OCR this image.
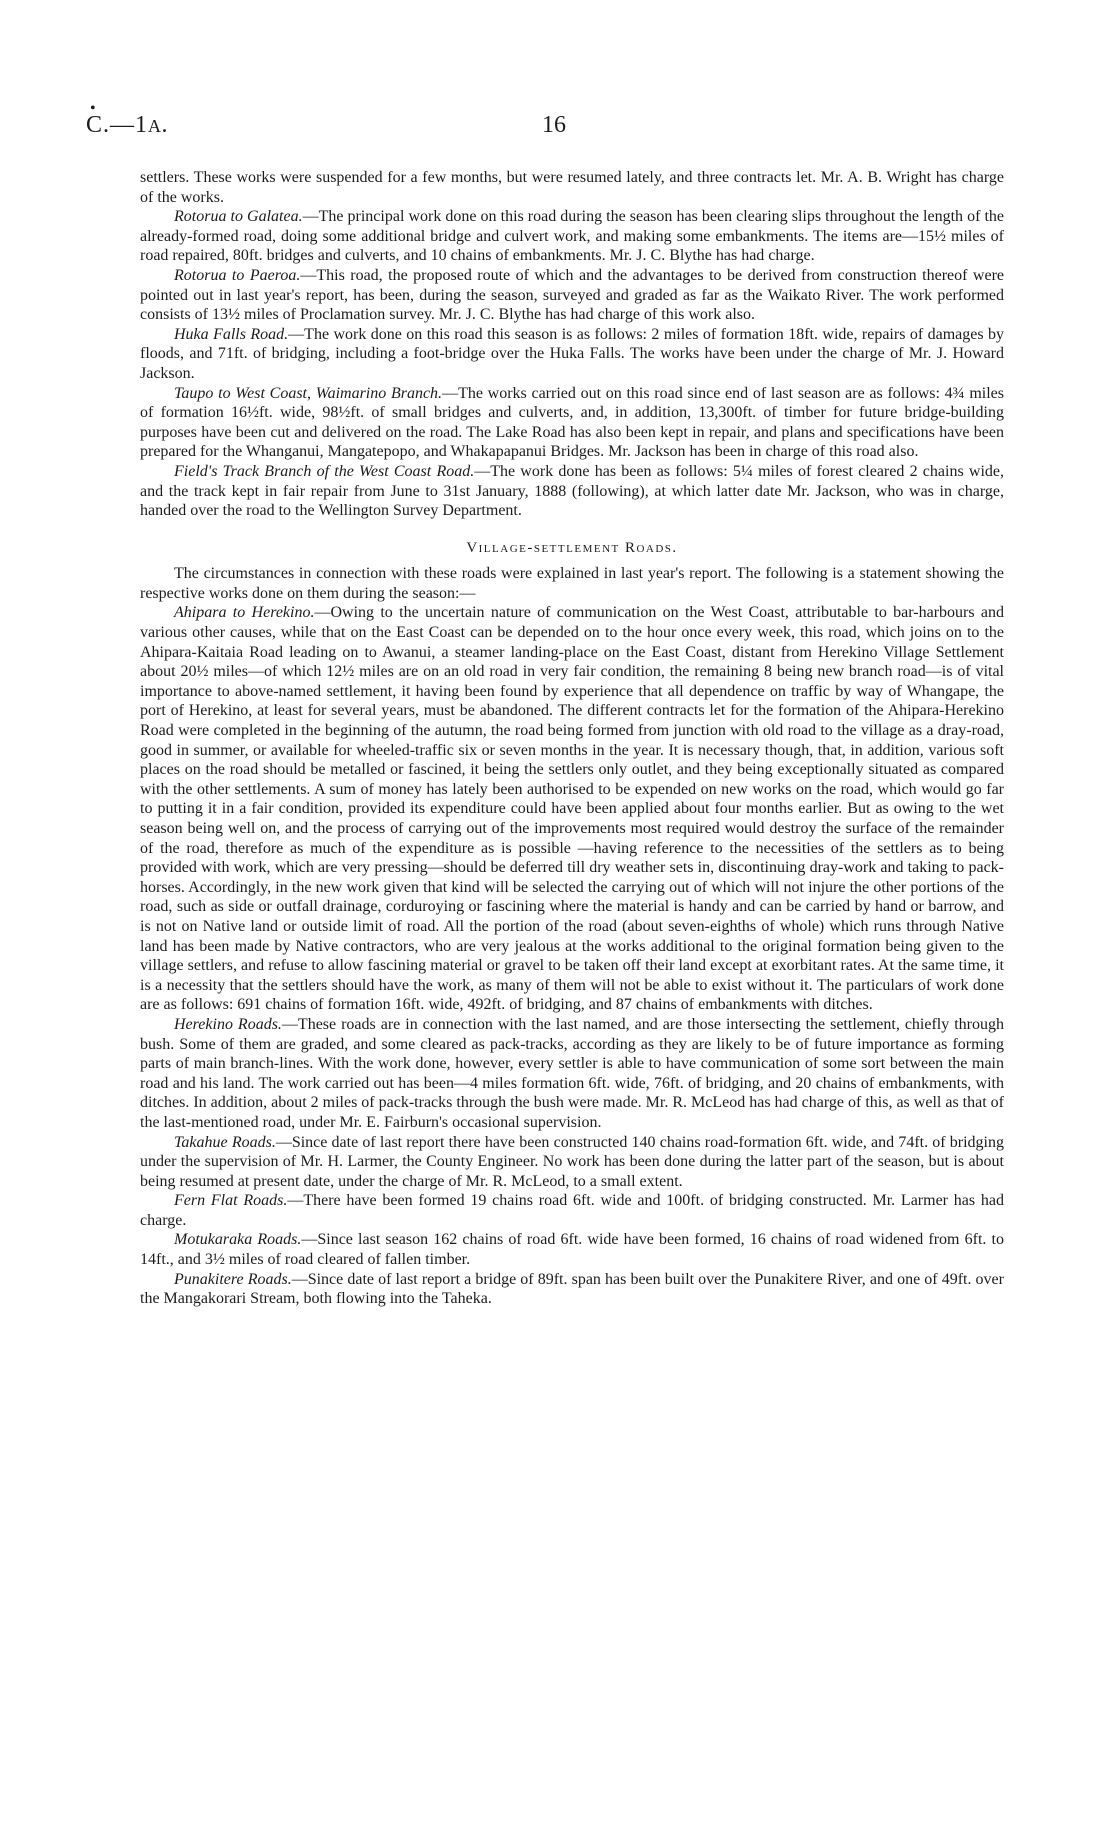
•
C.—1A.	16

settlers. These works were suspended for a few months, but were resumed lately, and three contracts let. Mr. A. B. Wright has charge of the works.

Rotorua to Galatea.—The principal work done on this road during the season has been clearing slips throughout the length of the already-formed road, doing some additional bridge and culvert work, and making some embankments. The items are—15½ miles of road repaired, 80ft. bridges and culverts, and 10 chains of embankments. Mr. J. C. Blythe has had charge.

Rotorua to Paeroa.—This road, the proposed route of which and the advantages to be derived from construction thereof were pointed out in last year's report, has been, during the season, surveyed and graded as far as the Waikato River. The work performed consists of 13½ miles of Proclamation survey. Mr. J. C. Blythe has had charge of this work also.

Huka Falls Road.—The work done on this road this season is as follows: 2 miles of formation 18ft. wide, repairs of damages by floods, and 71ft. of bridging, including a foot-bridge over the Huka Falls. The works have been under the charge of Mr. J. Howard Jackson.

Taupo to West Coast, Waimarino Branch.—The works carried out on this road since end of last season are as follows: 4¾ miles of formation 16½ft. wide, 98½ft. of small bridges and culverts, and, in addition, 13,300ft. of timber for future bridge-building purposes have been cut and delivered on the road. The Lake Road has also been kept in repair, and plans and specifications have been prepared for the Whanganui, Mangatepopo, and Whakapapanui Bridges. Mr. Jackson has been in charge of this road also.

Field's Track Branch of the West Coast Road.—The work done has been as follows: 5¼ miles of forest cleared 2 chains wide, and the track kept in fair repair from June to 31st January, 1888 (following), at which latter date Mr. Jackson, who was in charge, handed over the road to the Wellington Survey Department.

Village-settlement Roads.

The circumstances in connection with these roads were explained in last year's report. The following is a statement showing the respective works done on them during the season:—

Ahipara to Herekino.—Owing to the uncertain nature of communication on the West Coast, attributable to bar-harbours and various other causes, while that on the East Coast can be depended on to the hour once every week, this road, which joins on to the Ahipara-Kaitaia Road leading on to Awanui, a steamer landing-place on the East Coast, distant from Herekino Village Settlement about 20½ miles—of which 12½ miles are on an old road in very fair condition, the remaining 8 being new branch road—is of vital importance to above-named settlement, it having been found by experience that all dependence on traffic by way of Whangape, the port of Herekino, at least for several years, must be abandoned. The different contracts let for the formation of the Ahipara-Herekino Road were completed in the beginning of the autumn, the road being formed from junction with old road to the village as a dray-road, good in summer, or available for wheeled-traffic six or seven months in the year. It is necessary though, that, in addition, various soft places on the road should be metalled or fascined, it being the settlers only outlet, and they being exceptionally situated as compared with the other settlements. A sum of money has lately been authorised to be expended on new works on the road, which would go far to putting it in a fair condition, provided its expenditure could have been applied about four months earlier. But as owing to the wet season being well on, and the process of carrying out of the improvements most required would destroy the surface of the remainder of the road, therefore as much of the expenditure as is possible —having reference to the necessities of the settlers as to being provided with work, which are very pressing—should be deferred till dry weather sets in, discontinuing dray-work and taking to pack-horses. Accordingly, in the new work given that kind will be selected the carrying out of which will not injure the other portions of the road, such as side or outfall drainage, corduroying or fascining where the material is handy and can be carried by hand or barrow, and is not on Native land or outside limit of road. All the portion of the road (about seven-eighths of whole) which runs through Native land has been made by Native contractors, who are very jealous at the works additional to the original formation being given to the village settlers, and refuse to allow fascining material or gravel to be taken off their land except at exorbitant rates. At the same time, it is a necessity that the settlers should have the work, as many of them will not be able to exist without it. The particulars of work done are as follows: 691 chains of formation 16ft. wide, 492ft. of bridging, and 87 chains of embankments with ditches.

Herekino Roads.—These roads are in connection with the last named, and are those intersecting the settlement, chiefly through bush. Some of them are graded, and some cleared as pack-tracks, according as they are likely to be of future importance as forming parts of main branch-lines. With the work done, however, every settler is able to have communication of some sort between the main road and his land. The work carried out has been—4 miles formation 6ft. wide, 76ft. of bridging, and 20 chains of embankments, with ditches. In addition, about 2 miles of pack-tracks through the bush were made. Mr. R. McLeod has had charge of this, as well as that of the last-mentioned road, under Mr. E. Fairburn's occasional supervision.

Takahue Roads.—Since date of last report there have been constructed 140 chains road-formation 6ft. wide, and 74ft. of bridging under the supervision of Mr. H. Larmer, the County Engineer. No work has been done during the latter part of the season, but is about being resumed at present date, under the charge of Mr. R. McLeod, to a small extent.

Fern Flat Roads.—There have been formed 19 chains road 6ft. wide and 100ft. of bridging constructed. Mr. Larmer has had charge.

Motukaraka Roads.—Since last season 162 chains of road 6ft. wide have been formed, 16 chains of road widened from 6ft. to 14ft., and 3½ miles of road cleared of fallen timber.

Punakitere Roads.—Since date of last report a bridge of 89ft. span has been built over the Punakitere River, and one of 49ft. over the Mangakorari Stream, both flowing into the Taheka.
